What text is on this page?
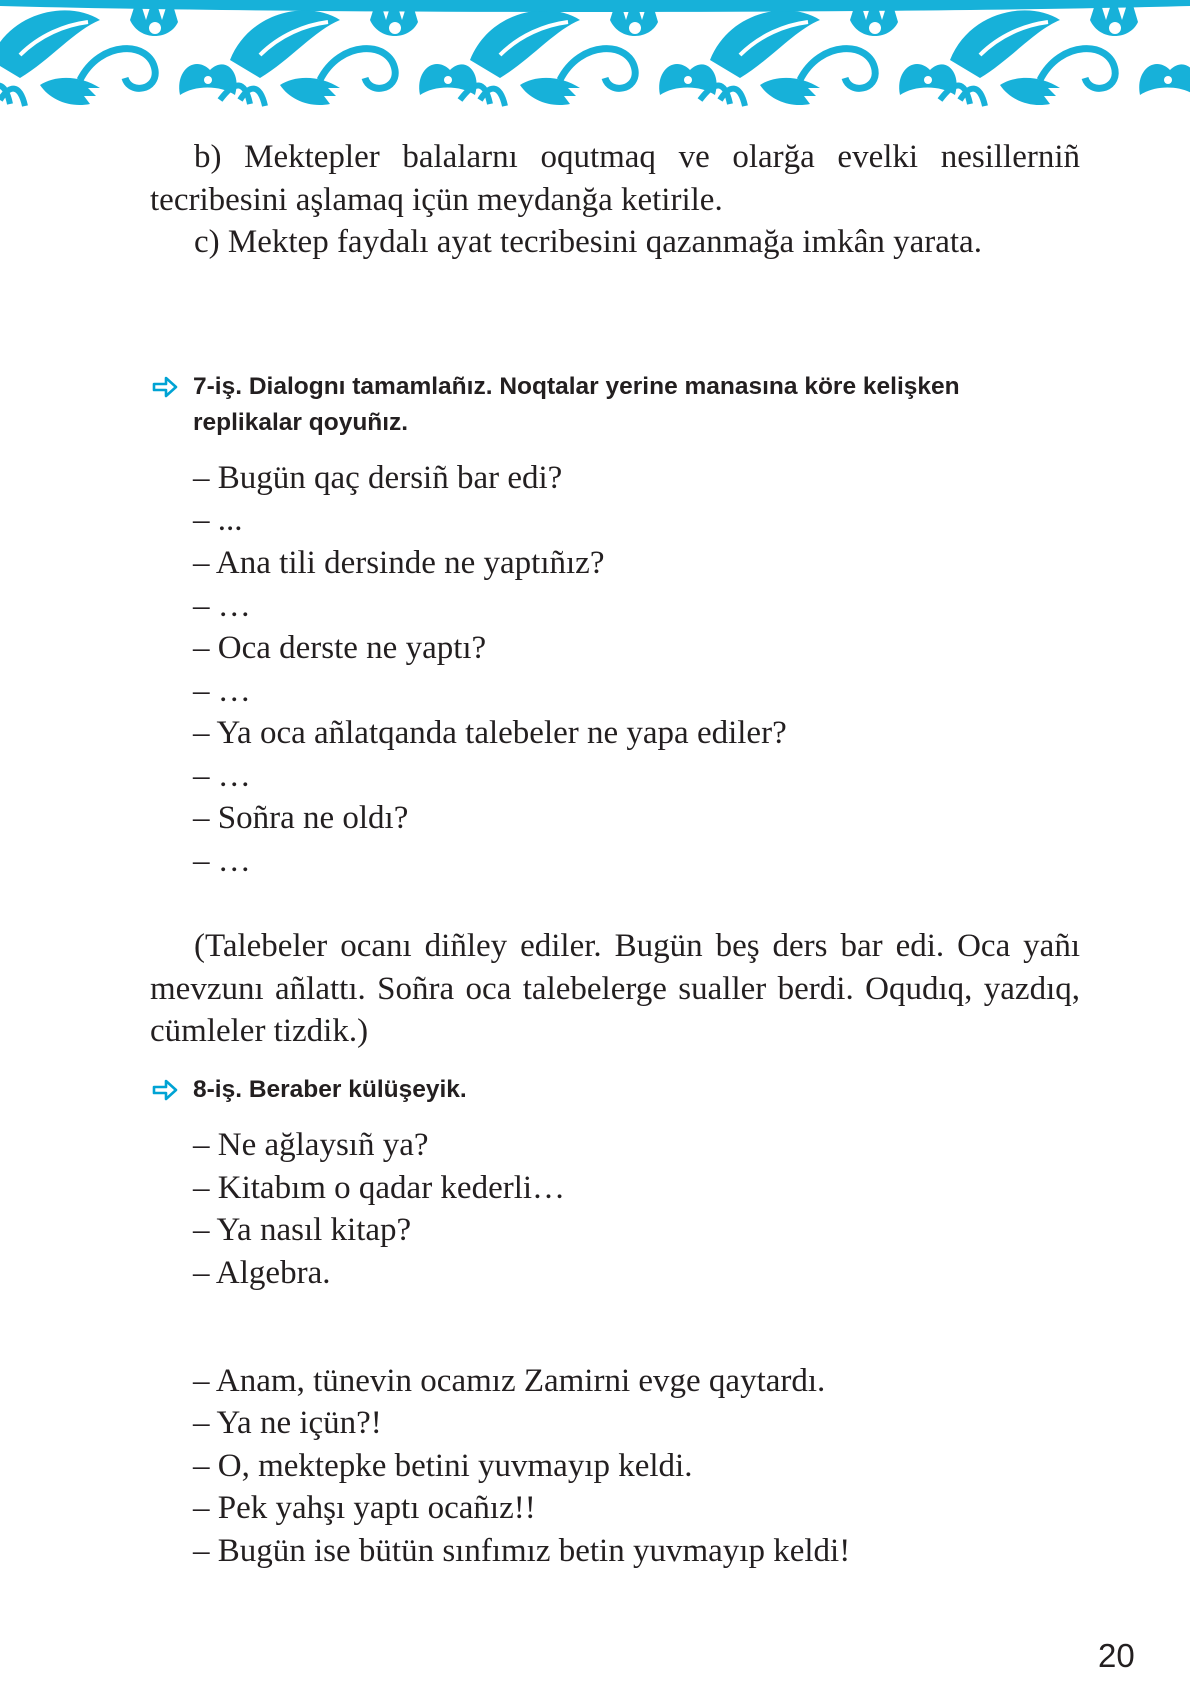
b) Mektepler balalarnı oqutmaq ve olarğa evelki nesillerniñ tecribesini aşlamaq içün meydanğa ketirile.

c) Mektep faydalı ayat tecribesini qazanmağa imkân yarata.

7-iş. Dialognı tamamlañız. Noqtalar yerine manasına köre kelişken replikalar qoyuñız.
– Bugün qaç dersiñ bar edi?
– ...
– Ana tili dersinde ne yaptıñız?
– …
– Oca derste ne yaptı?
– …
– Ya oca añlatqanda talebeler ne yapa ediler?
– …
– Soñra ne oldı?
– …

(Talebeler ocanı diñley ediler. Bugün beş ders bar edi. Oca yañı mevzunı añlattı. Soñra oca talebelerge sualler berdi. Oqudıq, yazdıq, cümleler tizdik.)

8-iş. Beraber külüşeyik.
– Ne ağlaysıñ ya?
– Kitabım o qadar kederli…
– Ya nasıl kitap?
– Algebra.
– Anam, tünevin ocamız Zamirni evge qaytardı.
– Ya ne içün?!
– O, mektepke betini yuvmayıp keldi.
– Pek yahşı yaptı ocañız!!
– Bugün ise bütün sınfımız betin yuvmayıp keldi!
20
